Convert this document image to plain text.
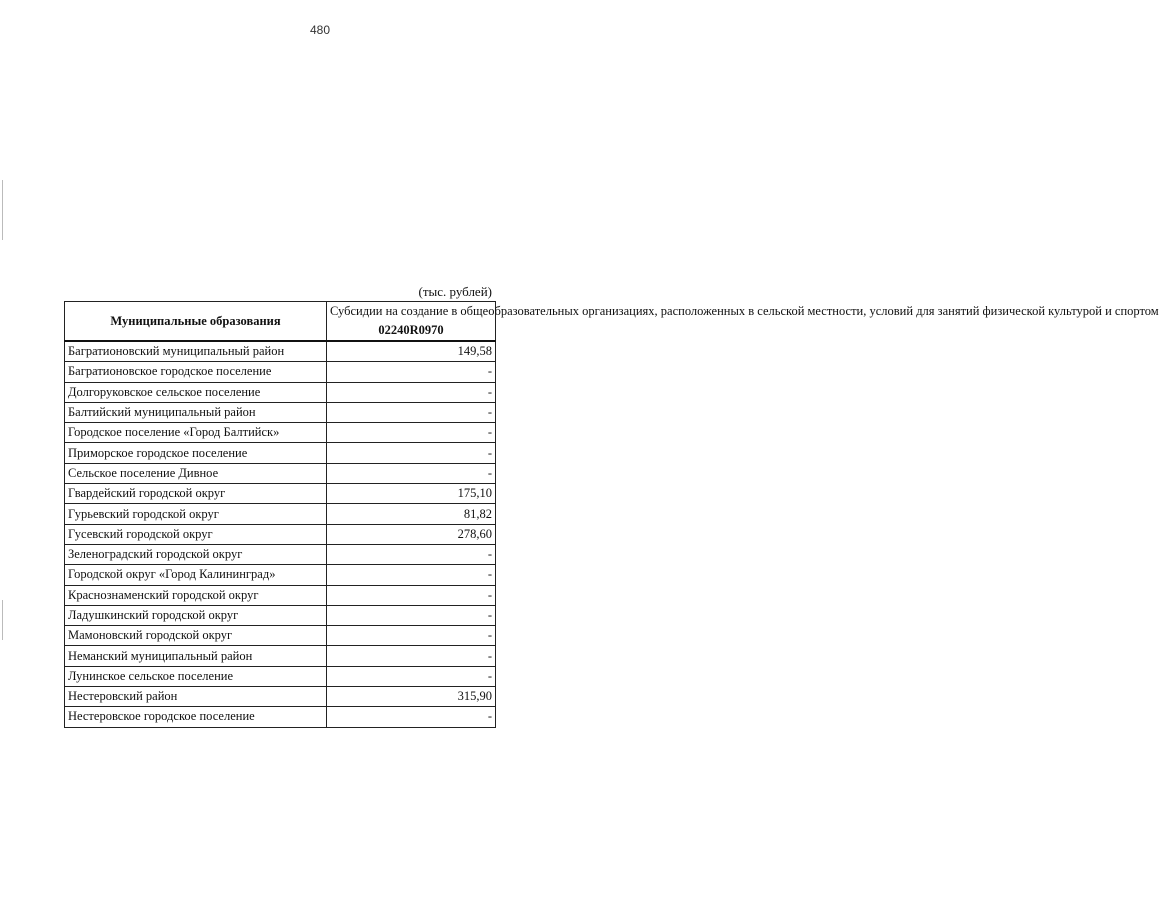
480
(тыс. рублей)
Муниципальные образования	Субсидии на создание в общеобразовательных организациях, расположенных в сельской местности, условий для занятий физической культурой и спортом
02240R0970

Багратионовский муниципальный район	149,58
Багратионовское городское поселение	-
Долгоруковское сельское поселение	-
Балтийский муниципальный район	-
Городское поселение «Город Балтийск»	-
Приморское городское поселение	-
Сельское поселение Дивное	-
Гвардейский городской округ	175,10
Гурьевский городской округ	81,82
Гусевский городской округ	278,60
Зеленоградский городской округ	-
Городской округ «Город Калининград»	-
Краснознаменский городской округ	-
Ладушкинский городской округ	-
Мамоновский городской округ	-
Неманский муниципальный район	-
Лунинское сельское поселение	-
Нестеровский район	315,90
Нестеровское городское поселение	-
